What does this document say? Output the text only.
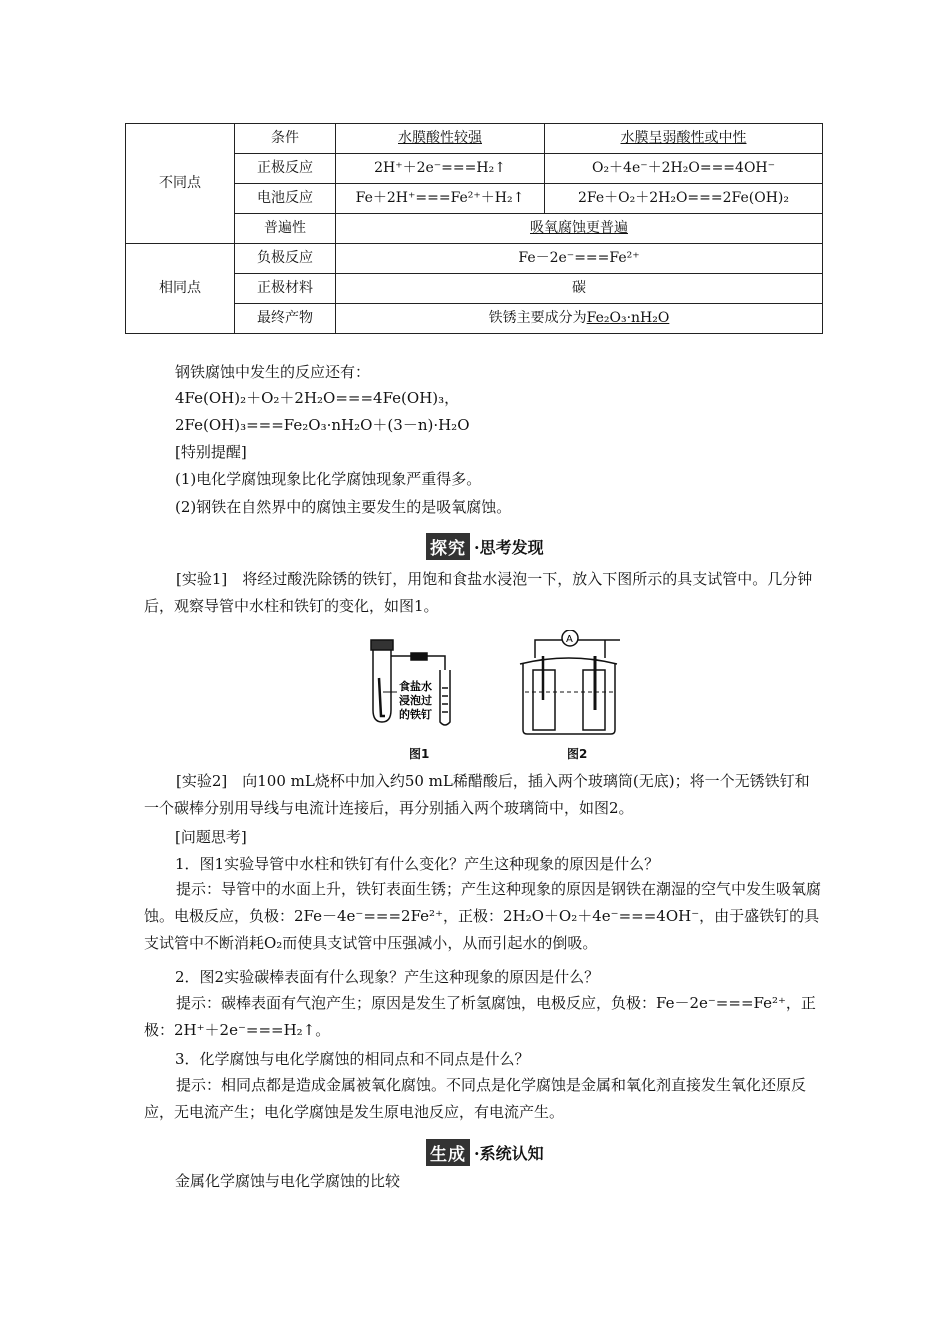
不同点	条件	水膜酸性较强	水膜呈弱酸性或中性
	正极反应	2H⁺＋2e⁻===H₂↑	O₂＋4e⁻＋2H₂O===4OH⁻
	电池反应	Fe＋2H⁺===Fe²⁺＋H₂↑	2Fe＋O₂＋2H₂O===2Fe(OH)₂
	普遍性	吸氧腐蚀更普遍	
相同点	负极反应	Fe－2e⁻===Fe²⁺	
	正极材料	碳	
	最终产物	铁锈主要成分为Fe₂O₃·nH₂O	
钢铁腐蚀中发生的反应还有：
4Fe(OH)₂＋O₂＋2H₂O===4Fe(OH)₃，
2Fe(OH)₃===Fe₂O₃·nH₂O＋(3－n)·H₂O
[特别提醒]
(1)电化学腐蚀现象比化学腐蚀现象严重得多。
(2)钢铁在自然界中的腐蚀主要发生的是吸氧腐蚀。
探究 ·思考发现
[实验1]　将经过酸洗除锈的铁钉，用饱和食盐水浸泡一下，放入下图所示的具支试管中。几分钟后，观察导管中水柱和铁钉的变化，如图1。
食盐水
浸泡过
的铁钉
A
图1	图2
[实验2]　向100 mL烧杯中加入约50 mL稀醋酸后，插入两个玻璃筒(无底)；将一个无锈铁钉和一个碳棒分别用导线与电流计连接后，再分别插入两个玻璃筒中，如图2。
[问题思考]
1．图1实验导管中水柱和铁钉有什么变化？产生这种现象的原因是什么？
提示：导管中的水面上升，铁钉表面生锈；产生这种现象的原因是钢铁在潮湿的空气中发生吸氧腐蚀。电极反应，负极：2Fe－4e⁻===2Fe²⁺，正极：2H₂O＋O₂＋4e⁻===4OH⁻，由于盛铁钉的具支试管中不断消耗O₂而使具支试管中压强减小，从而引起水的倒吸。
2．图2实验碳棒表面有什么现象？产生这种现象的原因是什么？
提示：碳棒表面有气泡产生；原因是发生了析氢腐蚀，电极反应，负极：Fe－2e⁻===Fe²⁺，正极：2H⁺＋2e⁻===H₂↑。
3．化学腐蚀与电化学腐蚀的相同点和不同点是什么？
提示：相同点都是造成金属被氧化腐蚀。不同点是化学腐蚀是金属和氧化剂直接发生氧化还原反应，无电流产生；电化学腐蚀是发生原电池反应，有电流产生。
生成 ·系统认知
金属化学腐蚀与电化学腐蚀的比较
